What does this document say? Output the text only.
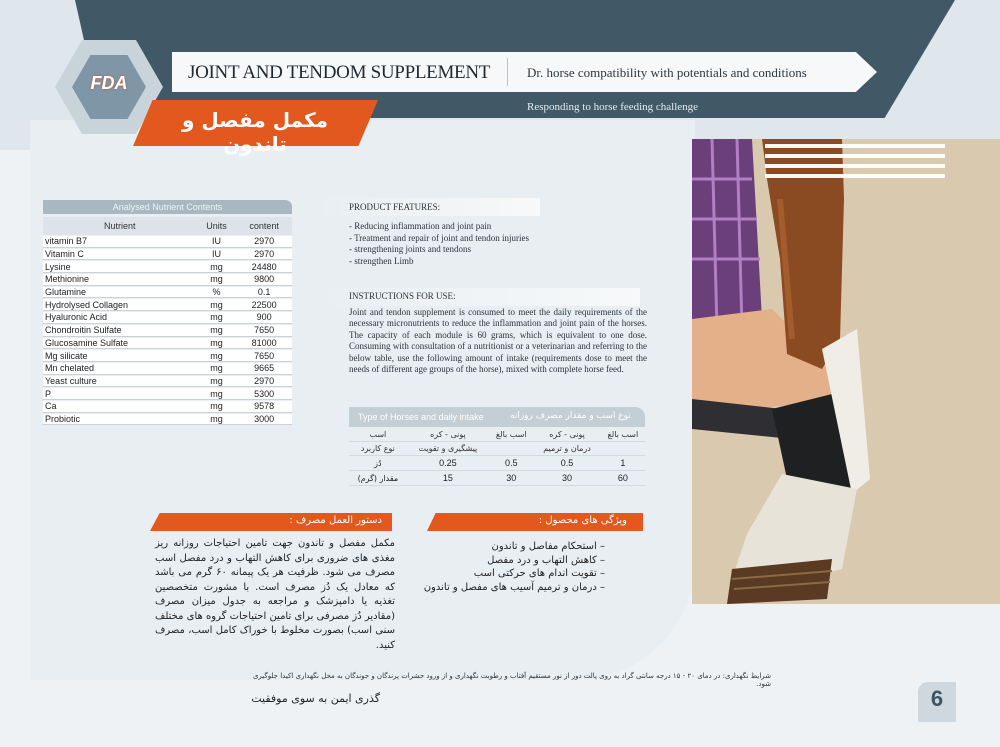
JOINT AND TENDOM SUPPLEMENT	Dr. horse compatibility with potentials and conditions
Responding to horse feeding challenge
FDA
مکمل مفصل و تاندون
Analysed Nutrient Contents
Nutrient	Units	content
vitamin B7	IU	2970
Vitamin C	IU	2970
Lysine	mg	24480
Methionine	mg	9800
Glutamine	%	0.1
Hydrolysed Collagen	mg	22500
Hyaluronic Acid	mg	900
Chondroitin Sulfate	mg	7650
Glucosamine Sulfate	mg	81000
Mg silicate	mg	7650
Mn chelated	mg	9665
Yeast culture	mg	2970
P	mg	5300
Ca	mg	9578
Probiotic	mg	3000
PRODUCT FEATURES:
- Reducing inflammation and joint pain
- Treatment and repair of joint and tendon injuries
- strengthening joints and tendons
- strengthen Limb
INSTRUCTIONS FOR USE:
Joint and tendon supplement is consumed to meet the daily requirements of the necessary micronutrients to reduce the inflammation and joint pain of the horses. The capacity of each module is 60 grams, which is equivalent to one dose. Consuming with consultation of a nutritionist or a veterinarian and referring to the below table, use the following amount of intake (requirements dose to meet the needs of different age groups of the horse), mixed with complete horse feed.
Type of Horses and daily intake	نوع اسب و مقدار مصرف روزانه
اسب بالغ	پونی - کره	اسب بالغ	پونی - کره	اسب
	درمان و ترمیم		پیشگیری و تقویت	نوع کاربرد
1	0.5	0.5	0.25	دُز
60	30	30	15	مقدار (گرم)
دستور العمل مصرف :	ویژگی های محصول :
مکمل مفصل و تاندون جهت تامین احتیاجات روزانه ریز مغذی های ضروری برای کاهش التهاب و درد مفصل اسب مصرف می شود. ظرفیت هر یک پیمانه ۶۰ گرم می باشد که معادل یک دُز مصرف است. با مشورت متخصصین تغذیه یا دامپزشک و مراجعه به جدول میزان مصرف (مقادیر دُز مصرفی برای تامین احتیاجات گروه های مختلف سنی اسب) بصورت مخلوط با خوراک کامل اسب، مصرف کنید.
– استحکام مفاصل و تاندون
– کاهش التهاب و درد مفصل
– تقویت اندام های حرکتی اسب
– درمان و ترمیم آسیب های مفصل و تاندون
شرایط نگهداری: در دمای ۲۰ - ۱۵ درجه سانتی گراد به روی پالت دور از نور مستقیم آفتاب و رطوبت نگهداری و از ورود حشرات پرندگان و جوندگان به محل نگهداری اکیدا جلوگیری شود.
گذری ایمن به سوی موفقیت	6
